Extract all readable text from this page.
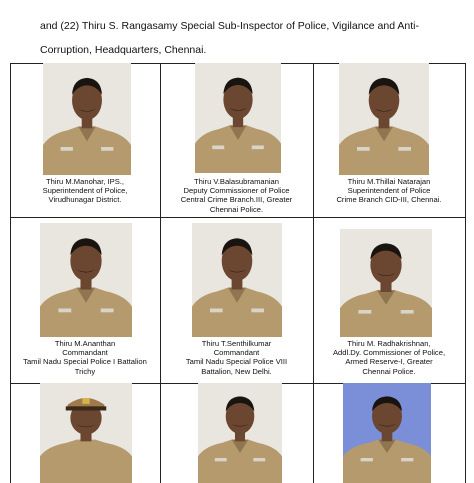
and (22) Thiru S. Rangasamy Special Sub-Inspector of Police, Vigilance and Anti-
Corruption, Headquarters, Chennai.
Thiru M.Manohar, IPS.,
Superintendent of Police,
Virudhunagar District.
Thiru V.Balasubramanian
Deputy Commissioner of Police
Central Crime Branch.III, Greater
Chennai Police.
Thiru M.Thillai Natarajan
Superintendent of Police
Crime Branch CID-III, Chennai.
Thiru M.Ananthan
Commandant
Tamil Nadu Special Police I Battalion
Trichy
Thiru T.Senthilkumar
Commandant
Tamil Nadu Special Police VIII
Battalion, New Delhi.
Thiru M. Radhakrishnan,
Addl.Dy. Commissioner of Police,
Armed Reserve-I, Greater
Chennai Police.
